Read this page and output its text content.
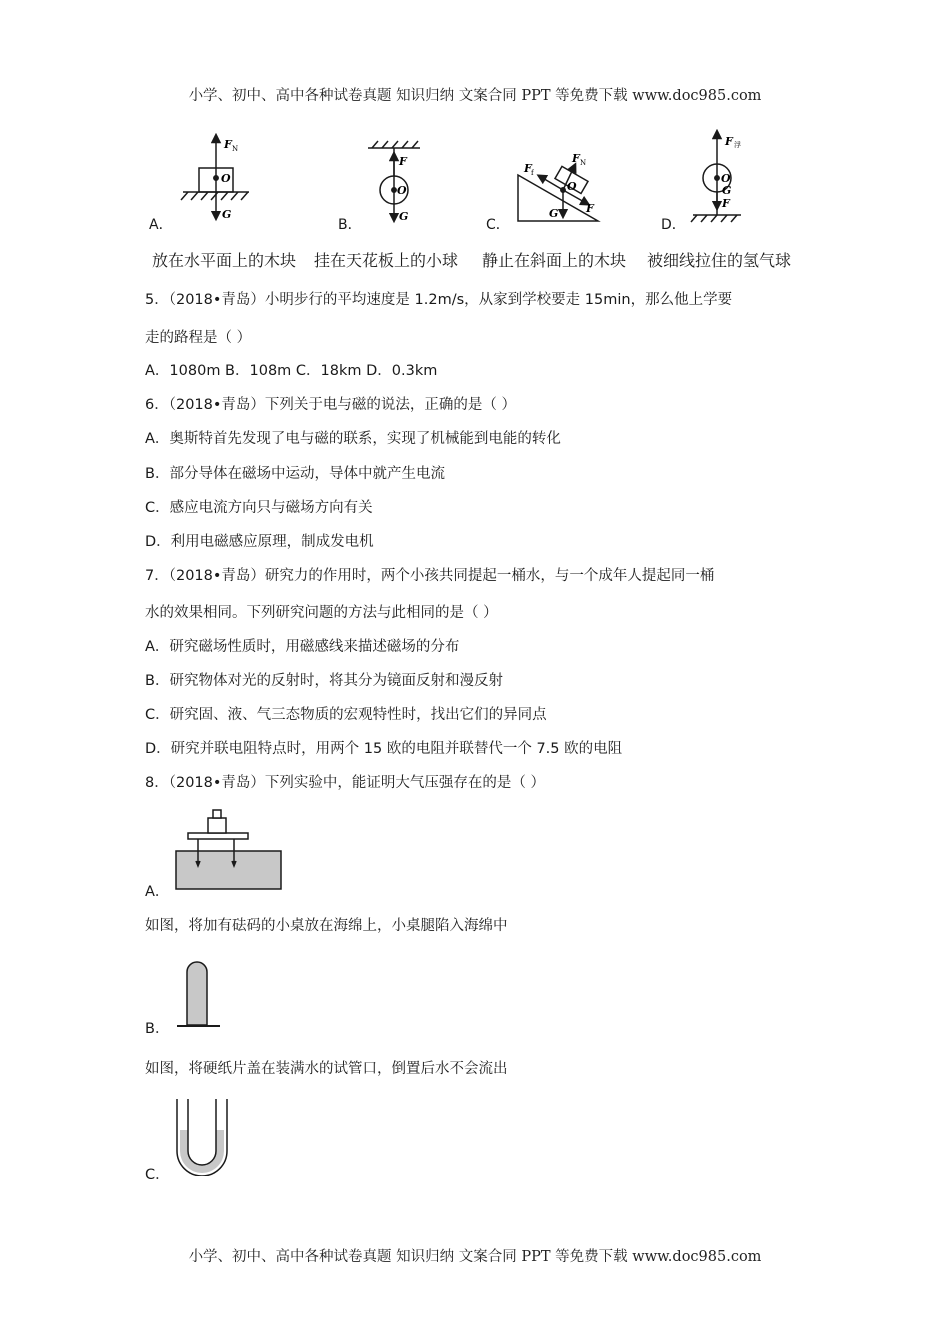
小学、初中、高中各种试卷真题 知识归纳 文案合同 PPT 等免费下载 www.doc985.com
F N
O
G
F
O
G
F f
F N
O
G	F
F 浮
O
G
F
A．	B．	C．	D．
放在水平面上的木块 挂在天花板上的小球 静止在斜面上的木块 被细线拉住的氢气球
5．（2018•青岛）小明步行的平均速度是 1.2m/s，从家到学校要走 15min，那么他上学要
走的路程是（ ）
A．1080m B．108m C．18km D．0.3km
6．（2018•青岛）下列关于电与磁的说法，正确的是（ ）
A．奥斯特首先发现了电与磁的联系，实现了机械能到电能的转化
B．部分导体在磁场中运动，导体中就产生电流
C．感应电流方向只与磁场方向有关
D．利用电磁感应原理，制成发电机
7．（2018•青岛）研究力的作用时，两个小孩共同提起一桶水，与一个成年人提起同一桶
水的效果相同。下列研究问题的方法与此相同的是（ ）
A．研究磁场性质时，用磁感线来描述磁场的分布
B．研究物体对光的反射时，将其分为镜面反射和漫反射
C．研究固、液、气三态物质的宏观特性时，找出它们的异同点
D．研究并联电阻特点时，用两个 15 欧的电阻并联替代一个 7.5 欧的电阻
8．（2018•青岛）下列实验中，能证明大气压强存在的是（ ）
A．
如图，将加有砝码的小桌放在海绵上，小桌腿陷入海绵中
B．
如图，将硬纸片盖在装满水的试管口，倒置后水不会流出
C．
小学、初中、高中各种试卷真题 知识归纳 文案合同 PPT 等免费下载 www.doc985.com
